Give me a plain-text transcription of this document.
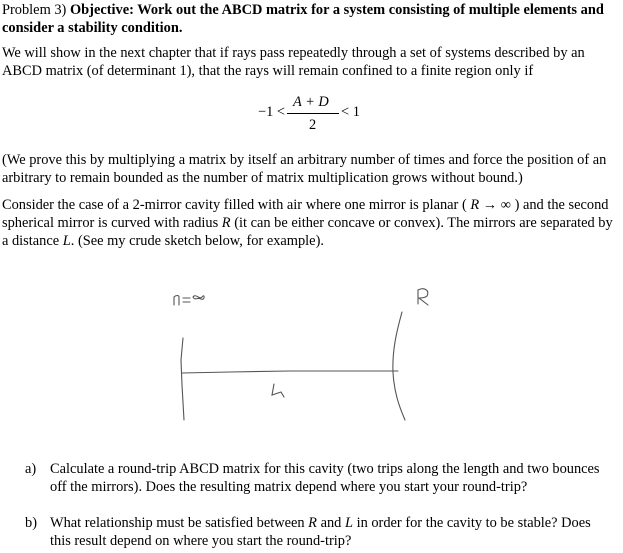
Problem 3) Objective: Work out the ABCD matrix for a system consisting of multiple elements and consider a stability condition.
We will show in the next chapter that if rays pass repeatedly through a set of systems described by an ABCD matrix (of determinant 1), that the rays will remain confined to a finite region only if
−1 <
A + D
2
< 1
(We prove this by multiplying a matrix by itself an arbitrary number of times and force the position of an arbitrary to remain bounded as the number of matrix multiplication grows without bound.)
Consider the case of a 2-mirror cavity filled with air where one mirror is planar ( R → ∞ ) and the second spherical mirror is curved with radius R (it can be either concave or convex). The mirrors are separated by a distance L. (See my crude sketch below, for example).
a) Calculate a round-trip ABCD matrix for this cavity (two trips along the length and two bounces off the mirrors). Does the resulting matrix depend where you start your round-trip?
b) What relationship must be satisfied between R and L in order for the cavity to be stable? Does this result depend on where you start the round-trip?
